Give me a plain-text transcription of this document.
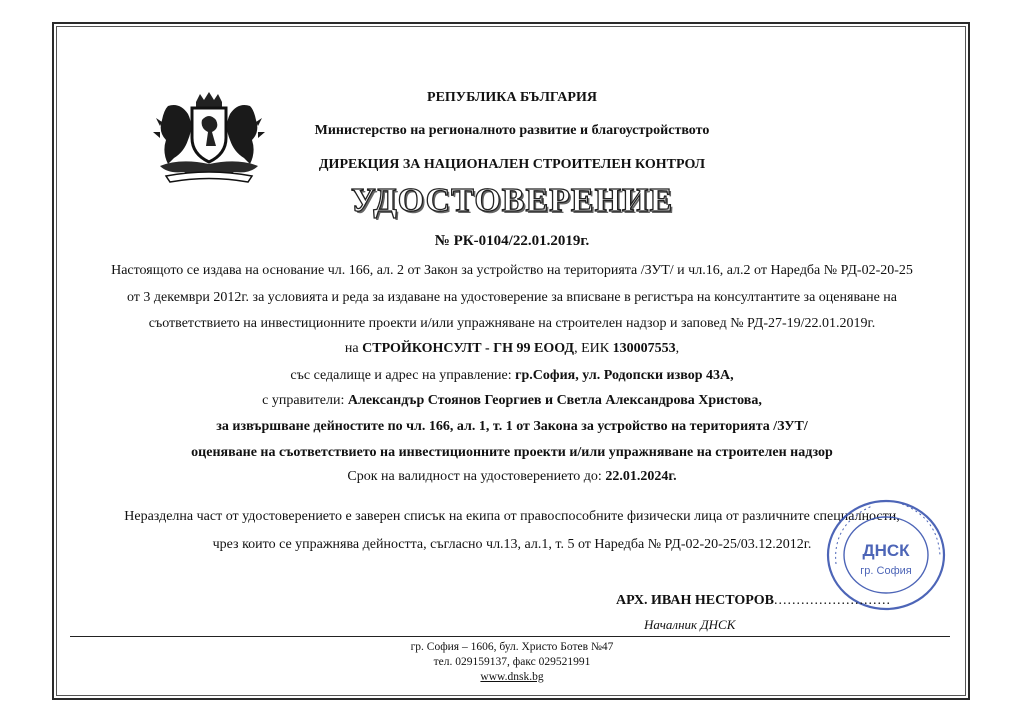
РЕПУБЛИКА БЪЛГАРИЯ
Министерство на регионалното развитие и благоустройството
ДИРЕКЦИЯ ЗА НАЦИОНАЛЕН СТРОИТЕЛЕН КОНТРОЛ
УДОСТОВЕРЕНИЕ
№ РК-0104/22.01.2019г.
Настоящото се издава на основание чл. 166, ал. 2 от Закон за устройство на територията /ЗУТ/ и чл.16, ал.2 от Наредба № РД-02-20-25
от 3 декември 2012г. за условията и реда за издаване на удостоверение за вписване в регистъра на консултантите за оценяване на
съответствието на инвестиционните проекти и/или упражняване на строителен надзор и заповед № РД-27-19/22.01.2019г.
на СТРОЙКОНСУЛТ - ГН 99 ЕООД, ЕИК 130007553,
със седалище и адрес на управление: гр.София, ул. Родопски извор 43А,
с управители: Александър Стоянов Георгиев и Светла Александрова Христова,
за извършване дейностите по чл. 166, ал. 1, т. 1 от Закона за устройство на територията /ЗУТ/
оценяване на съответствието на инвестиционните проекти и/или упражняване на строителен надзор
Срок на валидност на удостоверението до: 22.01.2024г.
Неразделна част от удостоверението е заверен списък на екипа от правоспособните физически лица от различните специалности,
чрез които се упражнява дейността, съгласно чл.13, ал.1, т. 5 от Наредба № РД-02-20-25/03.12.2012г.	ДНСК
гр. София
АРХ. ИВАН НЕСТОРОВ..........................
Началник ДНСК
гр. София – 1606, бул. Христо Ботев №47
тел. 029159137, факс 029521991
www.dnsk.bg
